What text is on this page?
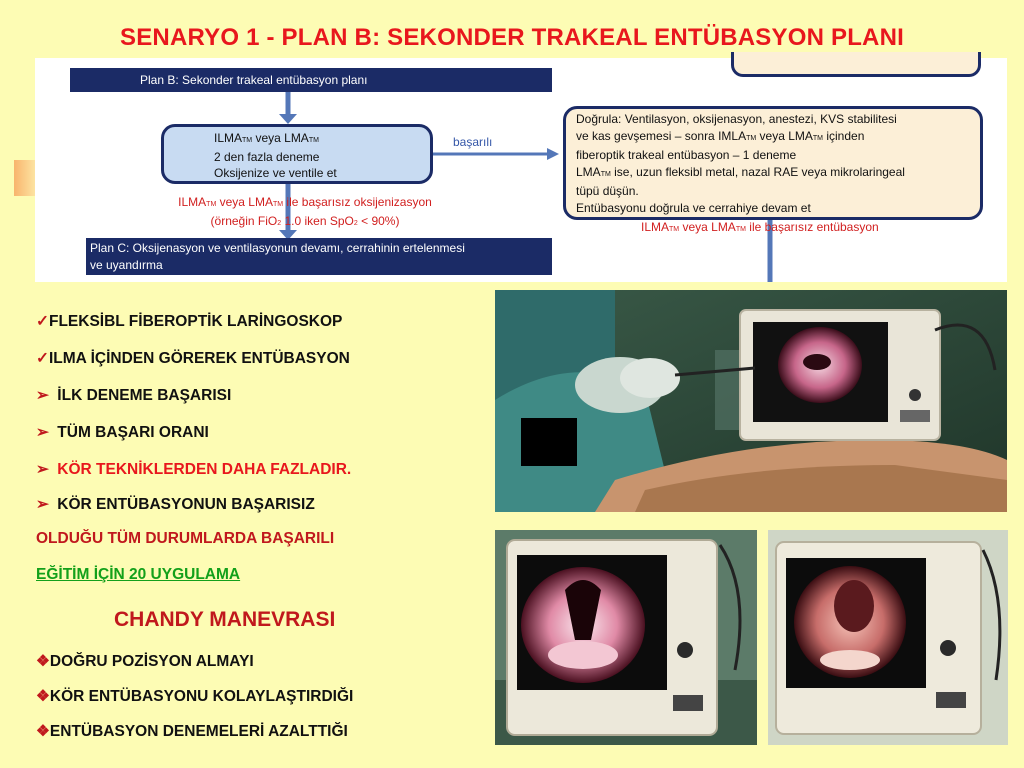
SENARYO 1 - PLAN B: SEKONDER TRAKEAL ENTÜBASYON PLANI
Plan B: Sekonder trakeal entübasyon planı
ILMATM veya LMATM
2 den fazla deneme
Oksijenize ve ventile et
başarılı
Doğrula: Ventilasyon, oksijenasyon, anestezi, KVS stabilitesi
ve kas gevşemesi – sonra IMLATM veya LMATM içinden
fiberoptik trakeal entübasyon – 1 deneme
LMATM ise, uzun fleksibl metal, nazal RAE veya mikrolaringeal
tüpü düşün.
Entübasyonu doğrula ve cerrahiye devam et
ILMATM veya LMATM ile başarısız oksijenizasyon
(örneğin FiO2 1.0 iken SpO2 < 90%)	ILMATM veya LMATM ile başarısız entübasyon
Plan C: Oksijenasyon ve ventilasyonun devamı, cerrahinin ertelenmesi ve uyandırma
✓FLEKSİBL FİBEROPTİK LARİNGOSKOP
✓ILMA İÇİNDEN GÖREREK ENTÜBASYON
➢ İLK DENEME BAŞARISI
➢ TÜM BAŞARI ORANI
➢ KÖR TEKNİKLERDEN DAHA FAZLADIR.
➢ KÖR ENTÜBASYONUN BAŞARISIZ
OLDUĞU TÜM DURUMLARDA BAŞARILI
EĞİTİM İÇİN 20 UYGULAMA
CHANDY MANEVRASI
❖DOĞRU POZİSYON ALMAYI
❖KÖR ENTÜBASYONU KOLAYLAŞTIRDIĞI
❖ENTÜBASYON DENEMELERİ AZALTTIĞI
